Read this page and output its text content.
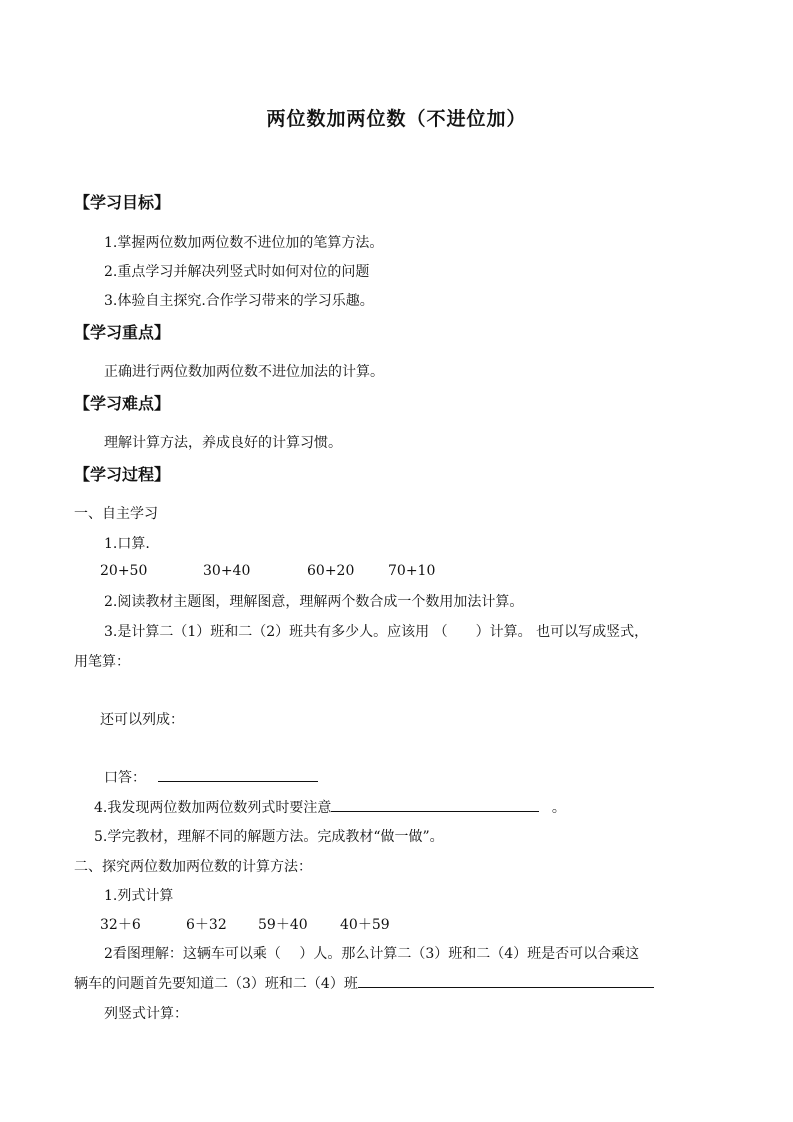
两位数加两位数（不进位加）
【学习目标】
1.掌握两位数加两位数不进位加的笔算方法。
2.重点学习并解决列竖式时如何对位的问题
3.体验自主探究.合作学习带来的学习乐趣。
【学习重点】
正确进行两位数加两位数不进位加法的计算。
【学习难点】
理解计算方法，养成良好的计算习惯。
【学习过程】
一、自主学习
1.口算.
20+50	30+40	60+20 70+10
2.阅读教材主题图，理解图意，理解两个数合成一个数用加法计算。
3.是计算二（1）班和二（2）班共有多少人。应该用 （　　）计算。 也可以写成竖式，
用笔算：
还可以列成：
口答：
4.我发现两位数加两位数列式时要注意	。
5.学完教材，理解不同的解题方法。完成教材“做一做”。
二、探究两位数加两位数的计算方法：
1.列式计算
32＋6	6＋32 59＋40 40＋59
2看图理解：这辆车可以乘（　 ）人。那么计算二（3）班和二（4）班是否可以合乘这
辆车的问题首先要知道二（3）班和二（4）班
列竖式计算：
